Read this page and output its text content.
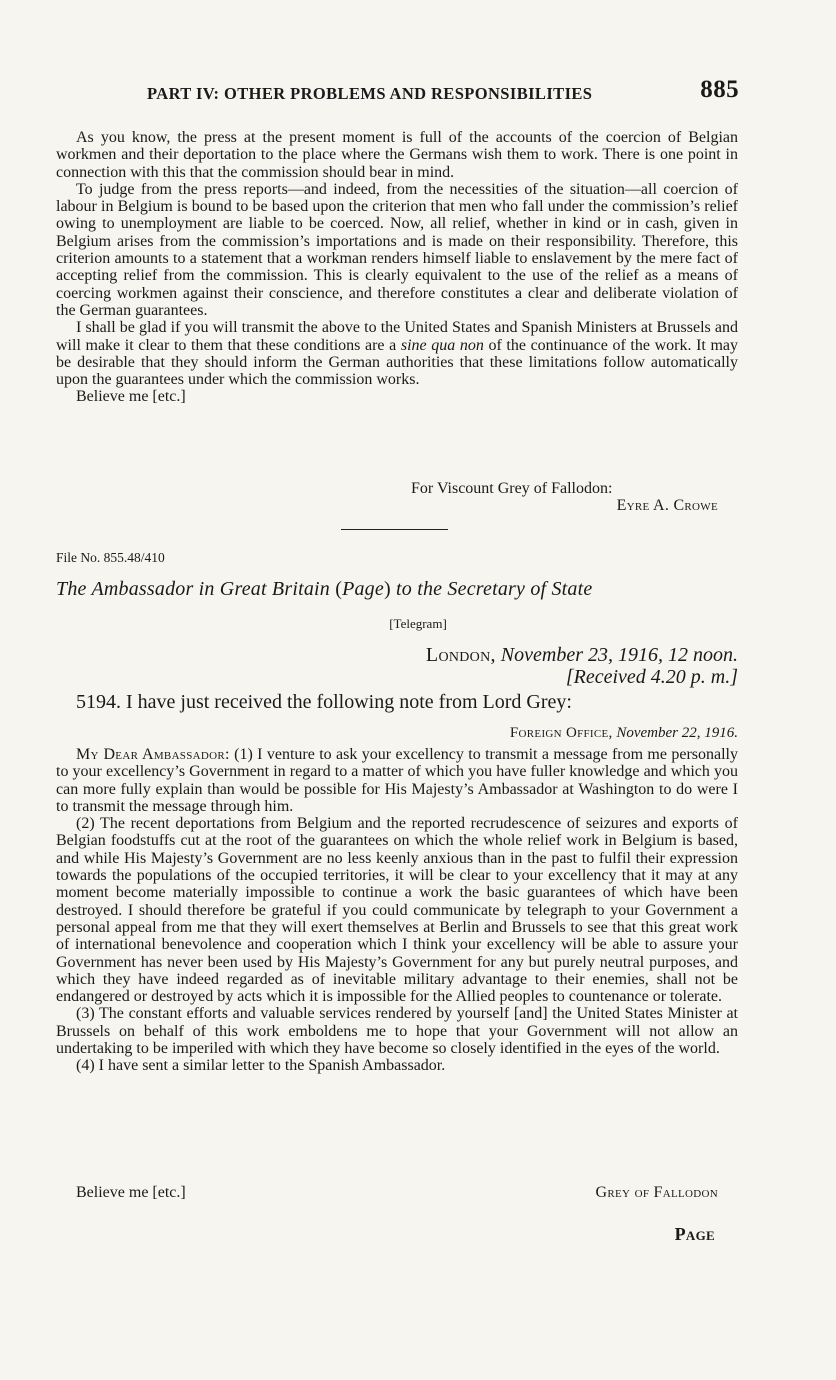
PART IV: OTHER PROBLEMS AND RESPONSIBILITIES	885

As you know, the press at the present moment is full of the accounts of the coercion of Belgian workmen and their deportation to the place where the Germans wish them to work. There is one point in connection with this that the commission should bear in mind.

To judge from the press reports—and indeed, from the necessities of the situation—all coercion of labour in Belgium is bound to be based upon the criterion that men who fall under the commission’s relief owing to unemployment are liable to be coerced. Now, all relief, whether in kind or in cash, given in Belgium arises from the commission’s importations and is made on their responsibility. Therefore, this criterion amounts to a statement that a workman renders himself liable to enslavement by the mere fact of accepting relief from the commission. This is clearly equivalent to the use of the relief as a means of coercing workmen against their conscience, and therefore constitutes a clear and deliberate violation of the German guarantees.

I shall be glad if you will transmit the above to the United States and Spanish Ministers at Brussels and will make it clear to them that these conditions are a sine qua non of the continuance of the work. It may be desirable that they should inform the German authorities that these limitations follow automatically upon the guarantees under which the commission works.

Believe me [etc.]

For Viscount Grey of Fallodon:
Eyre A. Crowe
File No. 855.48/410
The Ambassador in Great Britain (Page) to the Secretary of State
[Telegram]
London, November 23, 1916, 12 noon.
[Received 4.20 p. m.]
5194. I have just received the following note from Lord Grey:
Foreign Office, November 22, 1916.

My Dear Ambassador: (1) I venture to ask your excellency to transmit a message from me personally to your excellency’s Government in regard to a matter of which you have fuller knowledge and which you can more fully explain than would be possible for His Majesty’s Ambassador at Washington to do were I to transmit the message through him.

(2) The recent deportations from Belgium and the reported recrudescence of seizures and exports of Belgian foodstuffs cut at the root of the guarantees on which the whole relief work in Belgium is based, and while His Majesty’s Government are no less keenly anxious than in the past to fulfil their expression towards the populations of the occupied territories, it will be clear to your excellency that it may at any moment become materially impossible to continue a work the basic guarantees of which have been destroyed. I should therefore be grateful if you could communicate by telegraph to your Government a personal appeal from me that they will exert themselves at Berlin and Brussels to see that this great work of international benevolence and cooperation which I think your excellency will be able to assure your Government has never been used by His Majesty’s Government for any but purely neutral purposes, and which they have indeed regarded as of inevitable military advantage to their enemies, shall not be endangered or destroyed by acts which it is impossible for the Allied peoples to countenance or tolerate.

(3) The constant efforts and valuable services rendered by yourself [and] the United States Minister at Brussels on behalf of this work emboldens me to hope that your Government will not allow an undertaking to be imperiled with which they have become so closely identified in the eyes of the world.

(4) I have sent a similar letter to the Spanish Ambassador.

Believe me [etc.]	Grey of Fallodon
Page
